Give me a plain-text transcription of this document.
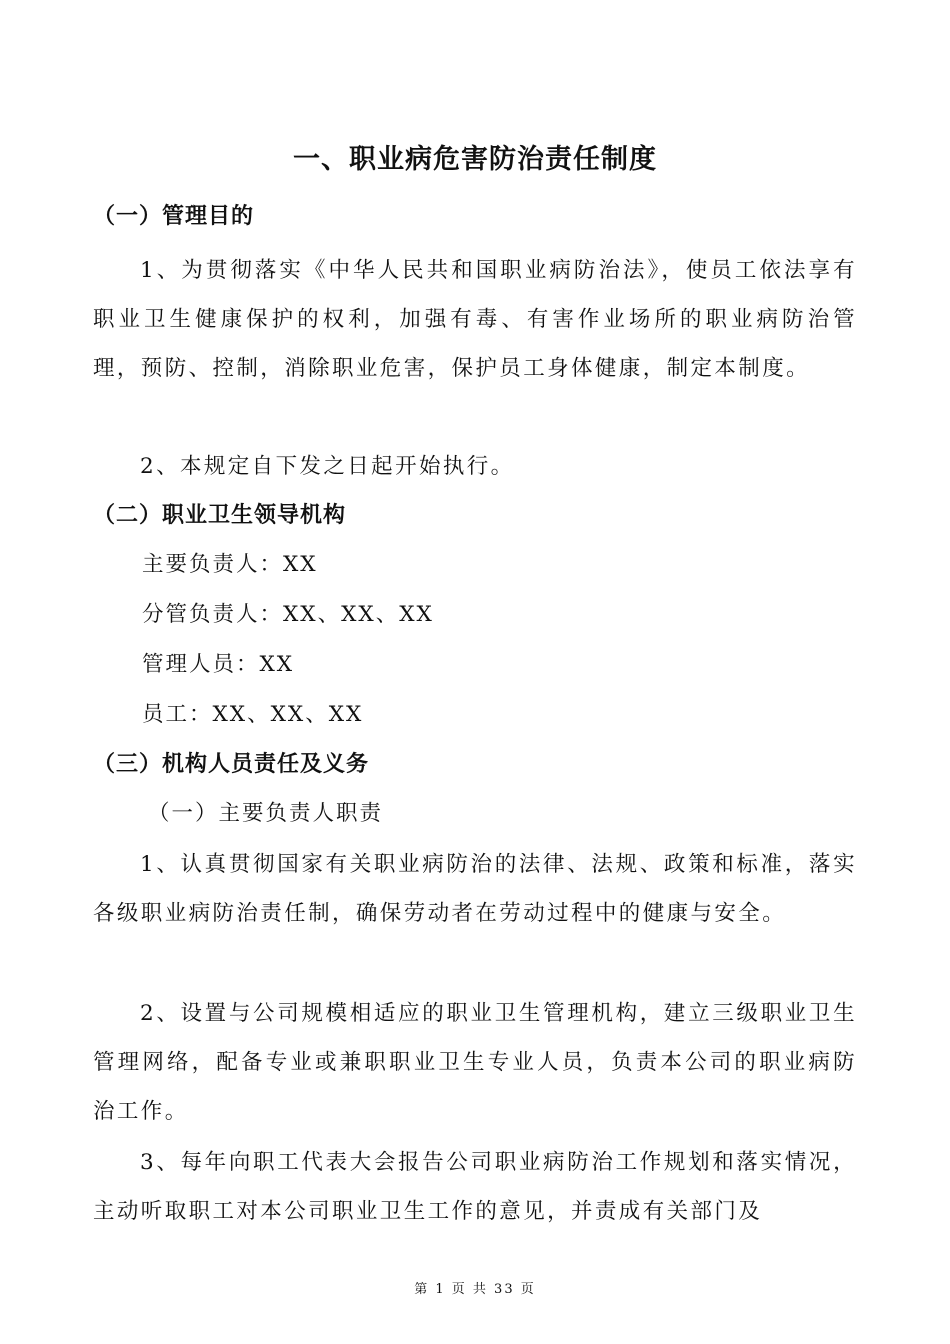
一、职业病危害防治责任制度
（一）管理目的

1、为贯彻落实《中华人民共和国职业病防治法》，使员工依法享有职业卫生健康保护的权利，加强有毒、有害作业场所的职业病防治管理，预防、控制，消除职业危害，保护员工身体健康，制定本制度。

2、本规定自下发之日起开始执行。

（二）职业卫生领导机构
主要负责人：XX
分管负责人：XX、XX、XX
管理人员：XX
员工：XX、XX、XX
（三）机构人员责任及义务
（一）主要负责人职责

1、认真贯彻国家有关职业病防治的法律、法规、政策和标准，落实各级职业病防治责任制，确保劳动者在劳动过程中的健康与安全。

2、设置与公司规模相适应的职业卫生管理机构，建立三级职业卫生管理网络，配备专业或兼职职业卫生专业人员，负责本公司的职业病防治工作。

3、每年向职工代表大会报告公司职业病防治工作规划和落实情况，主动听取职工对本公司职业卫生工作的意见，并责成有关部门及

第 1 页 共 33 页
